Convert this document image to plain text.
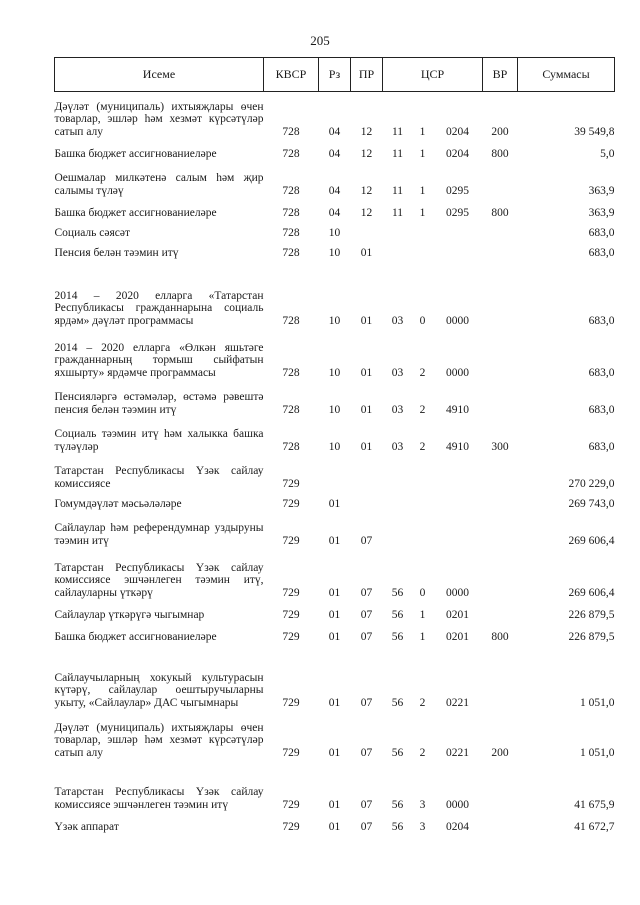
205
Исеме	КВСР	Рз	ПР	ЦСР			ВР	Суммасы
Дәүләт (муниципаль) ихтыяҗлары өчен товарлар, эшләр һәм хезмәт күрсәтүләр сатып алу	728	04	12	11	1	0204	200	39 549,8
Башка бюджет ассигнованиеләре	728	04	12	11	1	0204	800	5,0
Оешмалар милкәтенә салым һәм җир салымы түләү	728	04	12	11	1	0295		363,9
Башка бюджет ассигнованиеләре	728	04	12	11	1	0295	800	363,9
Социаль сәясәт	728	10						683,0
Пенсия белән тәэмин итү	728	10	01					683,0
2014 – 2020 елларга «Татарстан Республикасы гражданнарына социаль ярдәм» дәүләт программасы	728	10	01	03	0	0000		683,0
2014 – 2020 елларга «Өлкән яшьтәге гражданнарның тормыш сыйфатын яхшырту» ярдәмче программасы	728	10	01	03	2	0000		683,0
Пенсияләргә өстәмәләр, өстәмә рәвештә пенсия белән тәэмин итү	728	10	01	03	2	4910		683,0
Социаль тәэмин итү һәм халыкка башка түләүләр	728	10	01	03	2	4910	300	683,0
Татарстан Республикасы Үзәк сайлау комиссиясе	729							270 229,0
Гомумдәүләт мәсьәләләре	729	01						269 743,0
Сайлаулар һәм референдумнар уздыруны тәэмин итү	729	01	07					269 606,4
Татарстан Республикасы Үзәк сайлау комиссиясе эшчәнлеген тәэмин итү, сайлауларны үткәрү	729	01	07	56	0	0000		269 606,4
Сайлаулар үткәрүгә чыгымнар	729	01	07	56	1	0201		226 879,5
Башка бюджет ассигнованиеләре	729	01	07	56	1	0201	800	226 879,5
Сайлаучыларның хокукый культурасын күтәрү, сайлаулар оештыручыларны укыту, «Сайлаулар» ДАС чыгымнары	729	01	07	56	2	0221		1 051,0
Дәүләт (муниципаль) ихтыяҗлары өчен товарлар, эшләр һәм хезмәт күрсәтүләр сатып алу	729	01	07	56	2	0221	200	1 051,0
Татарстан Республикасы Үзәк сайлау комиссиясе эшчәнлеген тәэмин итү	729	01	07	56	3	0000		41 675,9
Үзәк аппарат	729	01	07	56	3	0204		41 672,7
